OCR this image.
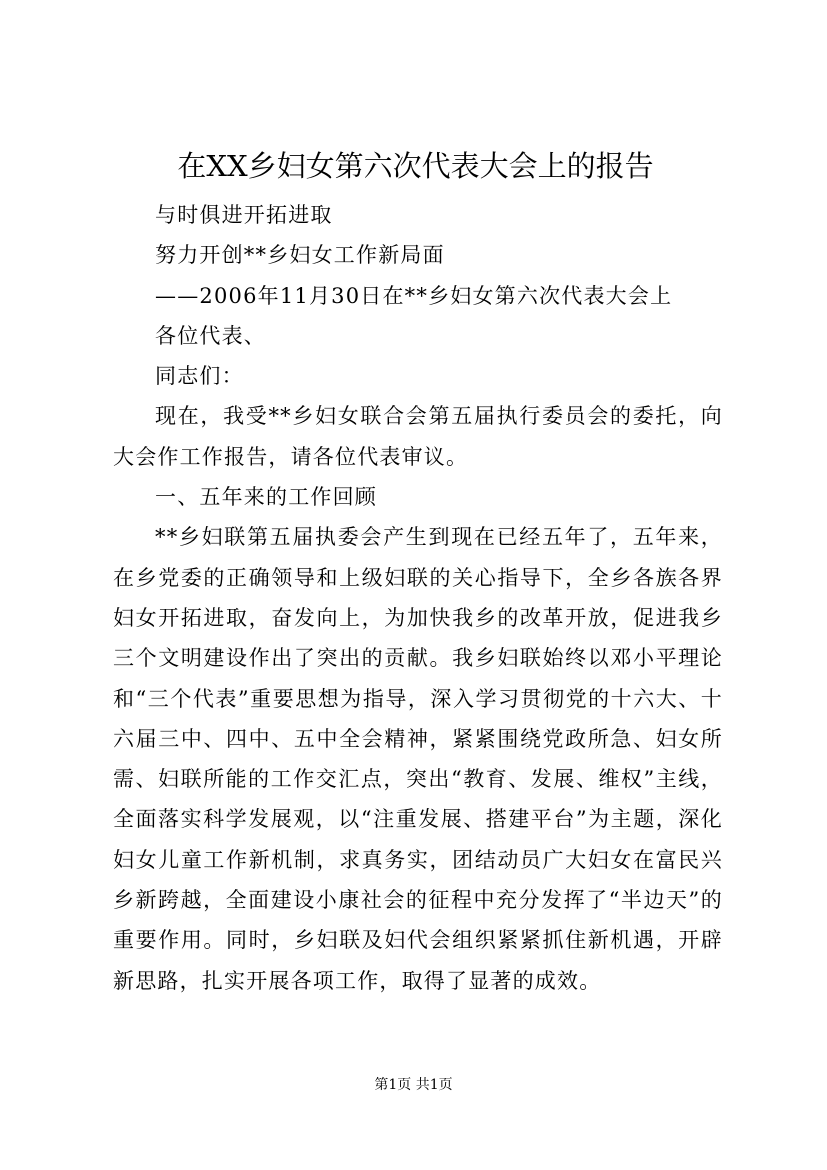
在XX乡妇女第六次代表大会上的报告

与时俱进开拓进取

努力开创**乡妇女工作新局面

——2006年11月30日在**乡妇女第六次代表大会上

各位代表、

同志们：

现在，我受**乡妇女联合会第五届执行委员会的委托，向大会作工作报告，请各位代表审议。

一、五年来的工作回顾

**乡妇联第五届执委会产生到现在已经五年了，五年来，在乡党委的正确领导和上级妇联的关心指导下，全乡各族各界妇女开拓进取，奋发向上，为加快我乡的改革开放，促进我乡三个文明建设作出了突出的贡献。我乡妇联始终以邓小平理论和“三个代表”重要思想为指导，深入学习贯彻党的十六大、十六届三中、四中、五中全会精神，紧紧围绕党政所急、妇女所需、妇联所能的工作交汇点，突出“教育、发展、维权”主线，全面落实科学发展观，以“注重发展、搭建平台”为主题，深化妇女儿童工作新机制，求真务实，团结动员广大妇女在富民兴乡新跨越，全面建设小康社会的征程中充分发挥了“半边天”的重要作用。同时，乡妇联及妇代会组织紧紧抓住新机遇，开辟新思路，扎实开展各项工作，取得了显著的成效。

第1页 共1页
